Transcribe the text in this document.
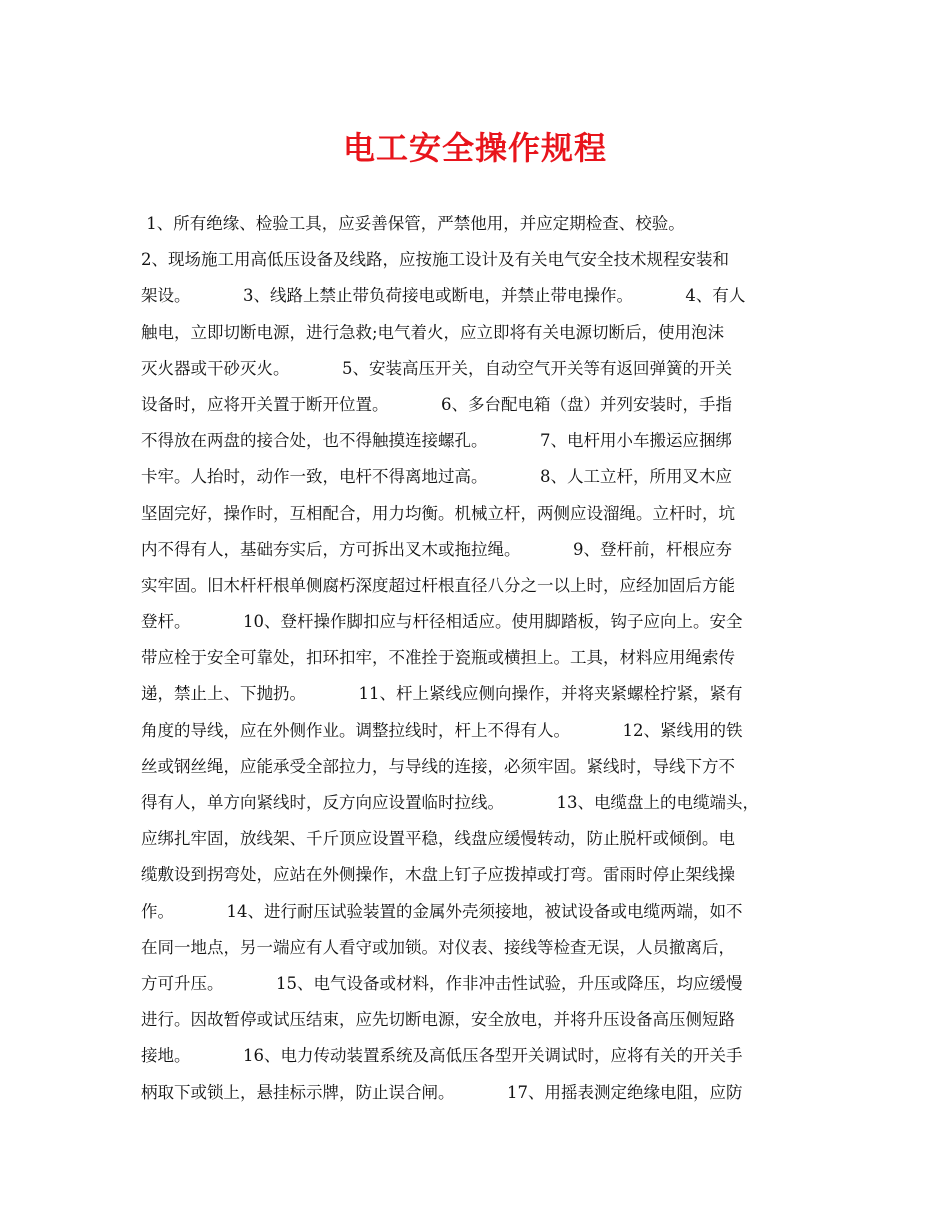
电工安全操作规程
1、所有绝缘、检验工具，应妥善保管，严禁他用，并应定期检查、校验。
2、现场施工用高低压设备及线路，应按施工设计及有关电气安全技术规程安装和
架设。          3、线路上禁止带负荷接电或断电，并禁止带电操作。          4、有人
触电，立即切断电源，进行急救;电气着火，应立即将有关电源切断后，使用泡沫
灭火器或干砂灭火。          5、安装高压开关，自动空气开关等有返回弹簧的开关
设备时，应将开关置于断开位置。          6、多台配电箱（盘）并列安装时，手指
不得放在两盘的接合处，也不得触摸连接螺孔。          7、电杆用小车搬运应捆绑
卡牢。人抬时，动作一致，电杆不得离地过高。          8、人工立杆，所用叉木应
坚固完好，操作时，互相配合，用力均衡。机械立杆，两侧应设溜绳。立杆时，坑
内不得有人，基础夯实后，方可拆出叉木或拖拉绳。          9、登杆前，杆根应夯
实牢固。旧木杆杆根单侧腐朽深度超过杆根直径八分之一以上时，应经加固后方能
登杆。          10、登杆操作脚扣应与杆径相适应。使用脚踏板，钩子应向上。安全
带应栓于安全可靠处，扣环扣牢，不准拴于瓷瓶或横担上。工具，材料应用绳索传
递，禁止上、下抛扔。          11、杆上紧线应侧向操作，并将夹紧螺栓拧紧，紧有
角度的导线，应在外侧作业。调整拉线时，杆上不得有人。          12、紧线用的铁
丝或钢丝绳，应能承受全部拉力，与导线的连接，必须牢固。紧线时，导线下方不
得有人，单方向紧线时，反方向应设置临时拉线。          13、电缆盘上的电缆端头，
应绑扎牢固，放线架、千斤顶应设置平稳，线盘应缓慢转动，防止脱杆或倾倒。电
缆敷设到拐弯处，应站在外侧操作，木盘上钉子应拨掉或打弯。雷雨时停止架线操
作。          14、进行耐压试验装置的金属外壳须接地，被试设备或电缆两端，如不
在同一地点，另一端应有人看守或加锁。对仪表、接线等检查无误，人员撤离后，
方可升压。          15、电气设备或材料，作非冲击性试验，升压或降压，均应缓慢
进行。因故暂停或试压结束，应先切断电源，安全放电，并将升压设备高压侧短路
接地。          16、电力传动装置系统及高低压各型开关调试时，应将有关的开关手
柄取下或锁上，悬挂标示牌，防止误合闸。          17、用摇表测定绝缘电阻，应防
